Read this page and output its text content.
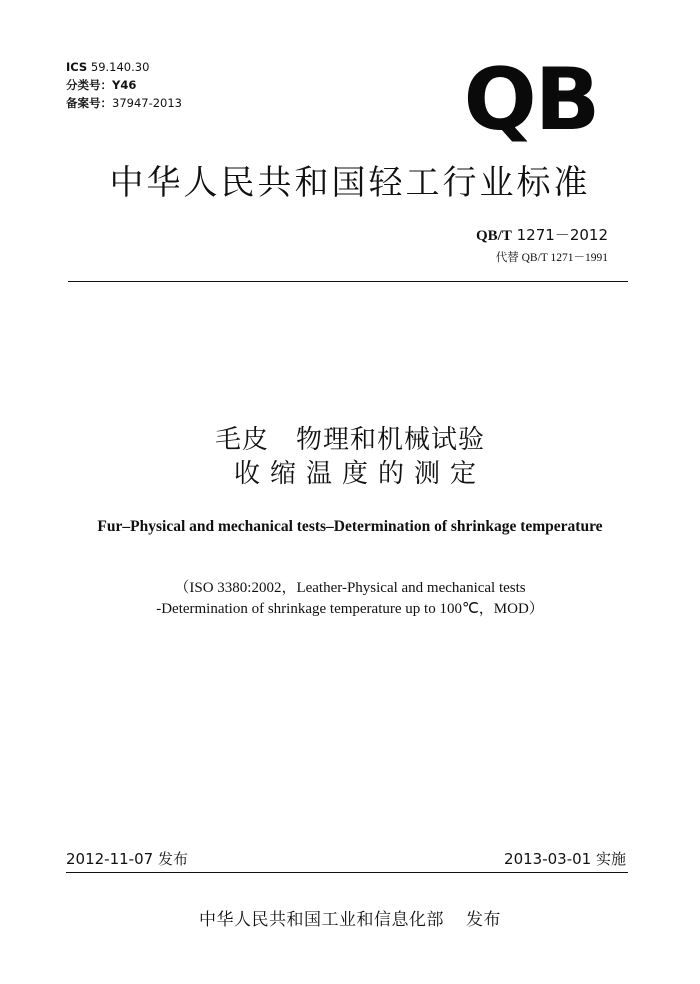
ICS 59.140.30
分类号：Y46
备案号：37947-2013	QB
中华人民共和国轻工行业标准
QB/T 1271－2012
代替 QB/T 1271－1991
毛皮　物理和机械试验
收缩温度的测定
Fur–Physical and mechanical tests–Determination of shrinkage temperature
（ISO 3380:2002，Leather-Physical and mechanical tests
-Determination of shrinkage temperature up to 100℃，MOD）
2012-11-07 发布	2013-03-01 实施
中华人民共和国工业和信息化部 发布
